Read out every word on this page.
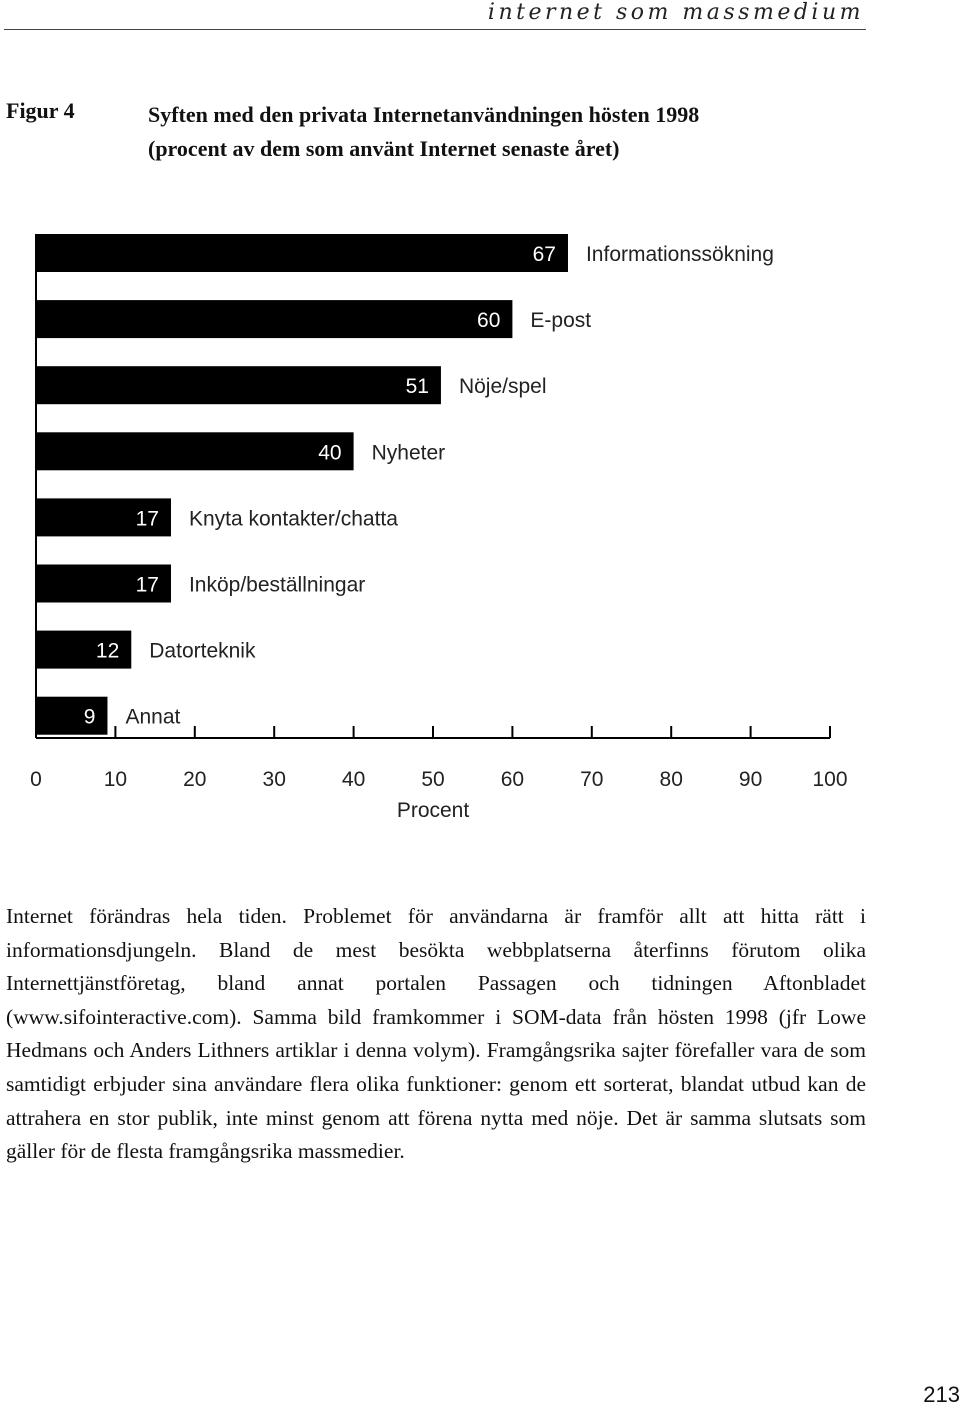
internet som massmedium
Figur 4	Syften med den privata Internetanvändningen hösten 1998
(procent av dem som använt Internet senaste året)
67 Informationssökning
60 E-post
51 Nöje/spel
40 Nyheter
17 Knyta kontakter/chatta
17 Inköp/beställningar
12 Datorteknik
9 Annat
0	10	20	30	40	50	60	70	80	90 100
Procent
Internet förändras hela tiden. Problemet för användarna är framför allt att hitta rätt i informationsdjungeln. Bland de mest besökta webbplatserna återfinns förutom olika Internettjänstföretag, bland annat portalen Passagen och tidningen Aftonbladet (www.sifointeractive.com). Samma bild framkommer i SOM-data från hösten 1998 (jfr Lowe Hedmans och Anders Lithners artiklar i denna volym). Framgångsrika sajter förefaller vara de som samtidigt erbjuder sina användare flera olika funktioner: genom ett sorterat, blandat utbud kan de attrahera en stor publik, inte minst genom att förena nytta med nöje. Det är samma slutsats som gäller för de flesta framgångsrika massmedier.
213
